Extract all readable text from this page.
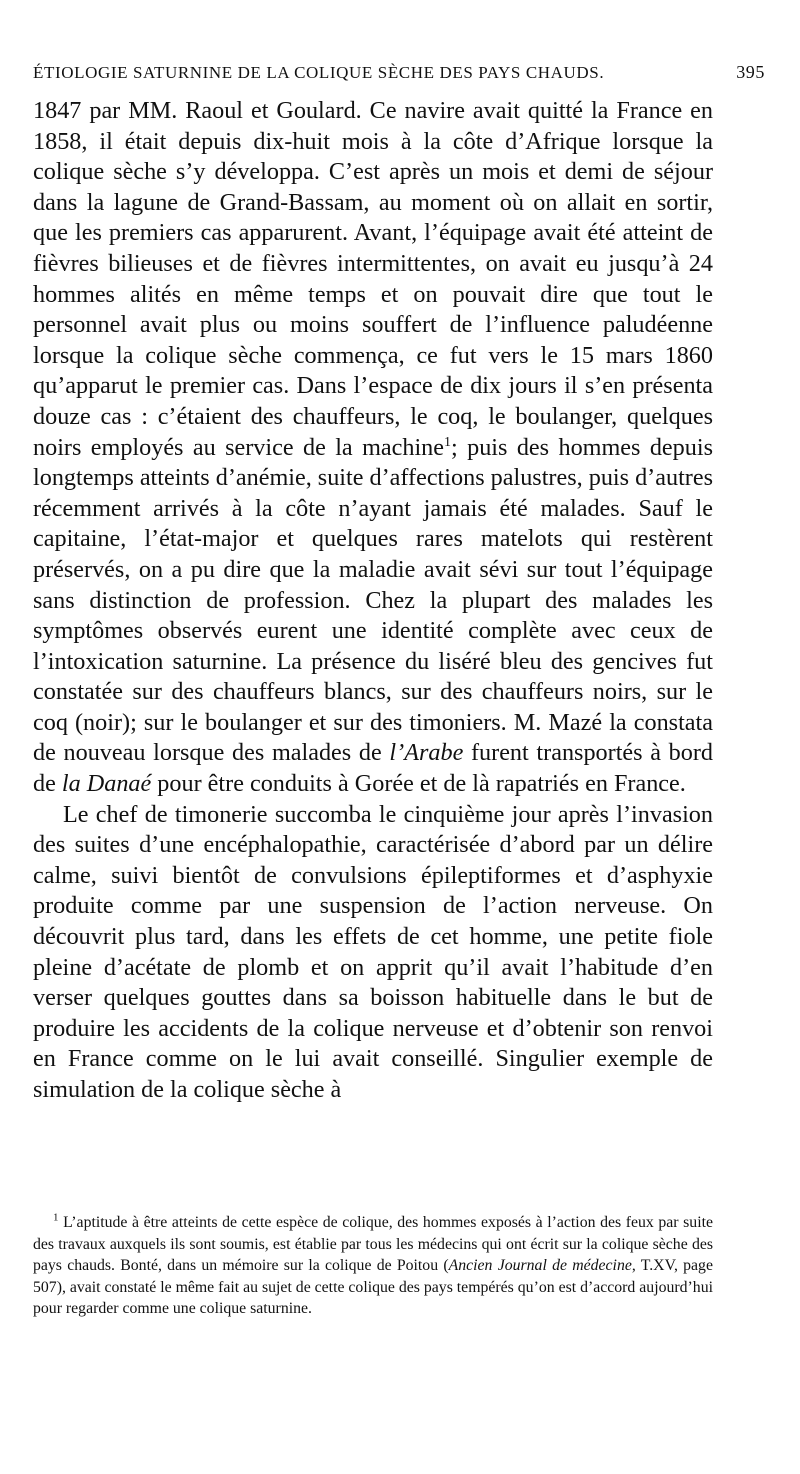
ÉTIOLOGIE SATURNINE DE LA COLIQUE SÈCHE DES PAYS CHAUDS.	395

1847 par MM. Raoul et Goulard. Ce navire avait quitté la France en 1858, il était depuis dix-huit mois à la côte d’Afrique lorsque la colique sèche s’y développa. C’est après un mois et demi de séjour dans la lagune de Grand-Bassam, au moment où on allait en sortir, que les premiers cas apparurent. Avant, l’équipage avait été atteint de fièvres bilieuses et de fièvres intermittentes, on avait eu jusqu’à 24 hommes alités en même temps et on pouvait dire que tout le personnel avait plus ou moins souffert de l’influence paludéenne lorsque la colique sèche commença, ce fut vers le 15 mars 1860 qu’apparut le premier cas. Dans l’espace de dix jours il s’en présenta douze cas : c’étaient des chauffeurs, le coq, le boulanger, quelques noirs employés au service de la machine$^1$; puis des hommes depuis longtemps atteints d’anémie, suite d’affections palustres, puis d’autres récemment arrivés à la côte n’ayant jamais été malades. Sauf le capitaine, l’état-major et quelques rares matelots qui restèrent préservés, on a pu dire que la maladie avait sévi sur tout l’équipage sans distinction de profession. Chez la plupart des malades les symptômes observés eurent une identité complète avec ceux de l’intoxication saturnine. La présence du liséré bleu des gencives fut constatée sur des chauffeurs blancs, sur des chauffeurs noirs, sur le coq (noir); sur le boulanger et sur des timoniers. M. Mazé la constata de nouveau lorsque des malades de l’Arabe furent transportés à bord de la Danaé pour être conduits à Gorée et de là rapatriés en France.

Le chef de timonerie succomba le cinquième jour après l’invasion des suites d’une encéphalopathie, caractérisée d’abord par un délire calme, suivi bientôt de convulsions épileptiformes et d’asphyxie produite comme par une suspension de l’action nerveuse. On découvrit plus tard, dans les effets de cet homme, une petite fiole pleine d’acétate de plomb et on apprit qu’il avait l’habitude d’en verser quelques gouttes dans sa boisson habituelle dans le but de produire les accidents de la colique nerveuse et d’obtenir son renvoi en France comme on le lui avait conseillé. Singulier exemple de simulation de la colique sèche à

$^1$ L’aptitude à être atteints de cette espèce de colique, des hommes exposés à l’action des feux par suite des travaux auxquels ils sont soumis, est établie par tous les médecins qui ont écrit sur la colique sèche des pays chauds. Bonté, dans un mémoire sur la colique de Poitou (Ancien Journal de médecine, T.XV, page 507), avait constaté le même fait au sujet de cette colique des pays tempérés qu’on est d’accord aujourd’hui pour regarder comme une colique saturnine.
